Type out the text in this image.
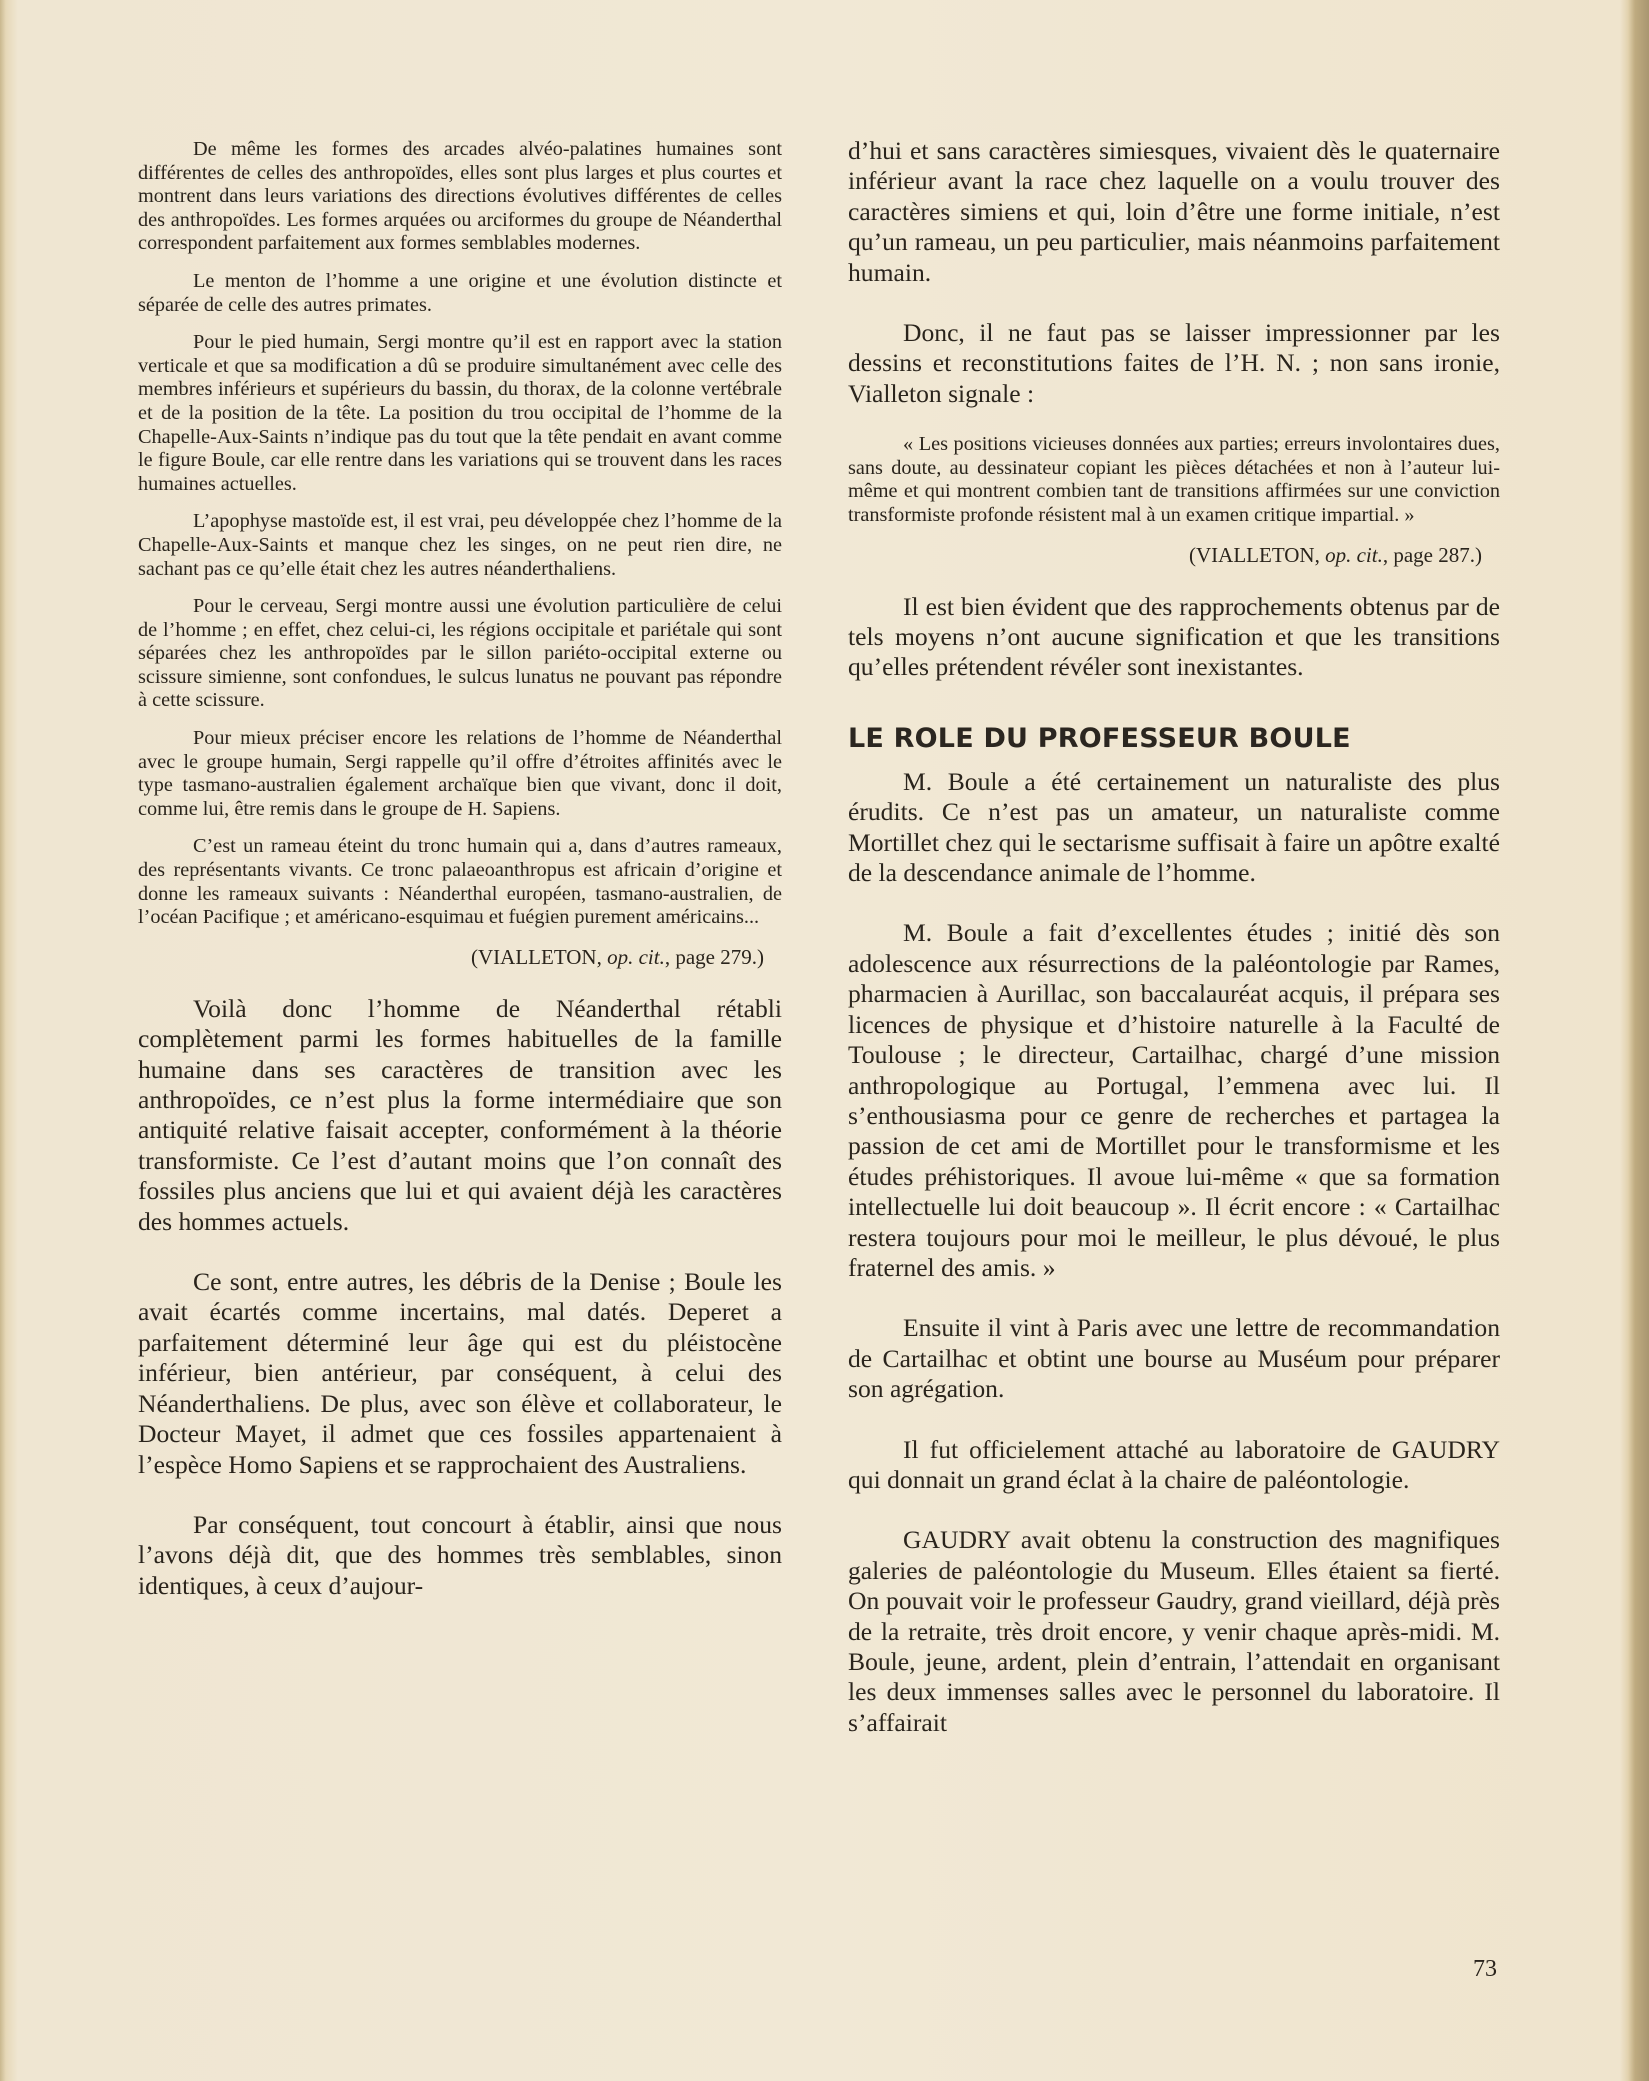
De même les formes des arcades alvéo-palatines humaines sont différentes de celles des anthropoïdes, elles sont plus larges et plus courtes et montrent dans leurs variations des directions évolutives différentes de celles des anthropoïdes. Les formes arquées ou arciformes du groupe de Néanderthal correspondent parfaitement aux formes semblables modernes.

Le menton de l’homme a une origine et une évolution distincte et séparée de celle des autres primates.

Pour le pied humain, Sergi montre qu’il est en rapport avec la station verticale et que sa modification a dû se produire simultanément avec celle des membres inférieurs et supérieurs du bassin, du thorax, de la colonne vertébrale et de la position de la tête. La position du trou occipital de l’homme de la Chapelle-Aux-Saints n’indique pas du tout que la tête pendait en avant comme le figure Boule, car elle rentre dans les variations qui se trouvent dans les races humaines actuelles.

L’apophyse mastoïde est, il est vrai, peu développée chez l’homme de la Chapelle-Aux-Saints et manque chez les singes, on ne peut rien dire, ne sachant pas ce qu’elle était chez les autres néanderthaliens.

Pour le cerveau, Sergi montre aussi une évolution particulière de celui de l’homme ; en effet, chez celui-ci, les régions occipitale et pariétale qui sont séparées chez les anthropoïdes par le sillon pariéto-occipital externe ou scissure simienne, sont confondues, le sulcus lunatus ne pouvant pas répondre à cette scissure.

Pour mieux préciser encore les relations de l’homme de Néanderthal avec le groupe humain, Sergi rappelle qu’il offre d’étroites affinités avec le type tasmano-australien également archaïque bien que vivant, donc il doit, comme lui, être remis dans le groupe de H. Sapiens.

C’est un rameau éteint du tronc humain qui a, dans d’autres rameaux, des représentants vivants. Ce tronc palaeoanthropus est africain d’origine et donne les rameaux suivants : Néanderthal européen, tasmano-australien, de l’océan Pacifique ; et américano-esquimau et fuégien purement américains...

(VIALLETON, op. cit., page 279.)

Voilà donc l’homme de Néanderthal rétabli complètement parmi les formes habituelles de la famille humaine dans ses caractères de transition avec les anthropoïdes, ce n’est plus la forme intermédiaire que son antiquité relative faisait accepter, conformément à la théorie transformiste. Ce l’est d’autant moins que l’on connaît des fossiles plus anciens que lui et qui avaient déjà les caractères des hommes actuels.

Ce sont, entre autres, les débris de la Denise ; Boule les avait écartés comme incertains, mal datés. Deperet a parfaitement déterminé leur âge qui est du pléistocène inférieur, bien antérieur, par conséquent, à celui des Néanderthaliens. De plus, avec son élève et collaborateur, le Docteur Mayet, il admet que ces fossiles appartenaient à l’espèce Homo Sapiens et se rapprochaient des Australiens.

Par conséquent, tout concourt à établir, ainsi que nous l’avons déjà dit, que des hommes très semblables, sinon identiques, à ceux d’aujour-

d’hui et sans caractères simiesques, vivaient dès le quaternaire inférieur avant la race chez laquelle on a voulu trouver des caractères simiens et qui, loin d’être une forme initiale, n’est qu’un rameau, un peu particulier, mais néanmoins parfaitement humain.

Donc, il ne faut pas se laisser impressionner par les dessins et reconstitutions faites de l’H. N. ; non sans ironie, Vialleton signale :

« Les positions vicieuses données aux parties; erreurs involontaires dues, sans doute, au dessinateur copiant les pièces détachées et non à l’auteur lui-même et qui montrent combien tant de transitions affirmées sur une conviction transformiste profonde résistent mal à un examen critique impartial. »

(VIALLETON, op. cit., page 287.)

Il est bien évident que des rapprochements obtenus par de tels moyens n’ont aucune signification et que les transitions qu’elles prétendent révéler sont inexistantes.

LE ROLE DU PROFESSEUR BOULE

M. Boule a été certainement un naturaliste des plus érudits. Ce n’est pas un amateur, un naturaliste comme Mortillet chez qui le sectarisme suffisait à faire un apôtre exalté de la descendance animale de l’homme.

M. Boule a fait d’excellentes études ; initié dès son adolescence aux résurrections de la paléontologie par Rames, pharmacien à Aurillac, son baccalauréat acquis, il prépara ses licences de physique et d’histoire naturelle à la Faculté de Toulouse ; le directeur, Cartailhac, chargé d’une mission anthropologique au Portugal, l’emmena avec lui. Il s’enthousiasma pour ce genre de recherches et partagea la passion de cet ami de Mortillet pour le transformisme et les études préhistoriques. Il avoue lui-même « que sa formation intellectuelle lui doit beaucoup ». Il écrit encore : « Cartailhac restera toujours pour moi le meilleur, le plus dévoué, le plus fraternel des amis. »

Ensuite il vint à Paris avec une lettre de recommandation de Cartailhac et obtint une bourse au Muséum pour préparer son agrégation.

Il fut officielement attaché au laboratoire de GAUDRY qui donnait un grand éclat à la chaire de paléontologie.

GAUDRY avait obtenu la construction des magnifiques galeries de paléontologie du Museum. Elles étaient sa fierté. On pouvait voir le professeur Gaudry, grand vieillard, déjà près de la retraite, très droit encore, y venir chaque après-midi. M. Boule, jeune, ardent, plein d’entrain, l’attendait en organisant les deux immenses salles avec le personnel du laboratoire. Il s’affairait

73
